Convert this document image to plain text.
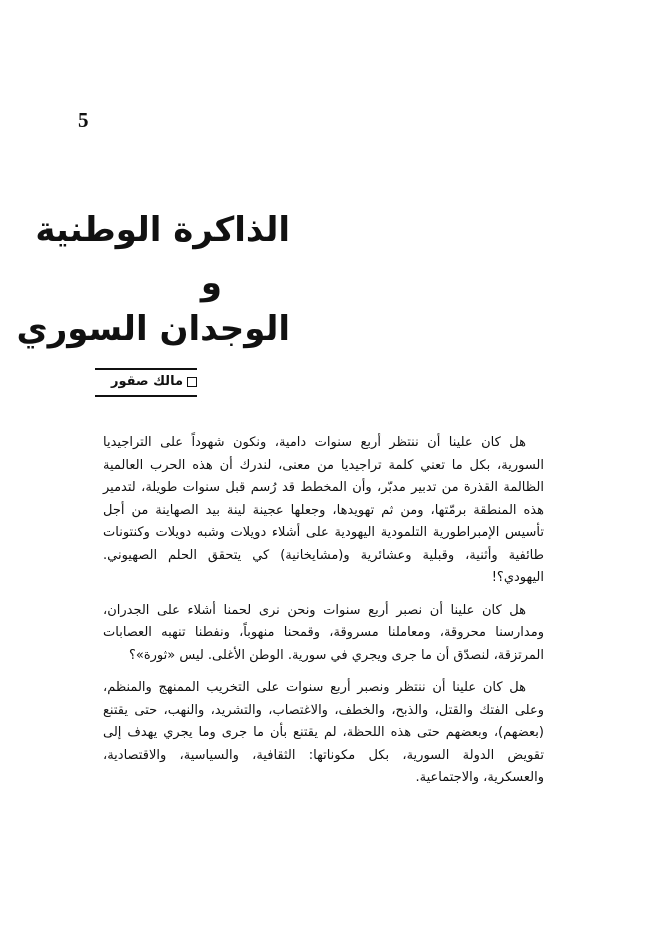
5
الذاكرة الوطنية
و
الوجدان السوري
مالك صقور

هل كان علينا أن ننتظر أربع سنوات دامية، ونكون شهوداً على التراجيديا السورية، بكل ما تعني كلمة تراجيديا من معنى، لندرك أن هذه الحرب العالمية الظالمة القذرة من تدبير مدبّر، وأن المخطط قد رُسم قبل سنوات طويلة، لتدمير هذه المنطقة برمّتها، ومن ثم تهويدها، وجعلها عجينة لينة بيد الصهاينة من أجل تأسيس الإمبراطورية التلمودية اليهودية على أشلاء دويلات وشبه دويلات وكنتونات طائفية وأثنية، وقبلية وعشائرية و(مشايخانية) كي يتحقق الحلم الصهيوني. اليهودي؟!

هل كان علينا أن نصبر أربع سنوات ونحن نرى لحمنا أشلاء على الجدران، ومدارسنا محروقة، ومعاملنا مسروقة، وقمحنا منهوباً، ونفطنا تنهبه العصابات المرتزقة، لنصدّق أن ما جرى ويجري في سورية. الوطن الأغلى. ليس «ثورة»؟

هل كان علينا أن ننتظر ونصبر أربع سنوات على التخريب الممنهج والمنظم، وعلى الفتك والقتل، والذبح، والخطف، والاغتصاب، والتشريد، والنهب، حتى يقتنع (بعضهم)، وبعضهم حتى هذه اللحظة، لم يقتنع بأن ما جرى وما يجري يهدف إلى تقويض الدولة السورية، بكل مكوناتها: الثقافية، والسياسية، والاقتصادية، والعسكرية، والاجتماعية.
